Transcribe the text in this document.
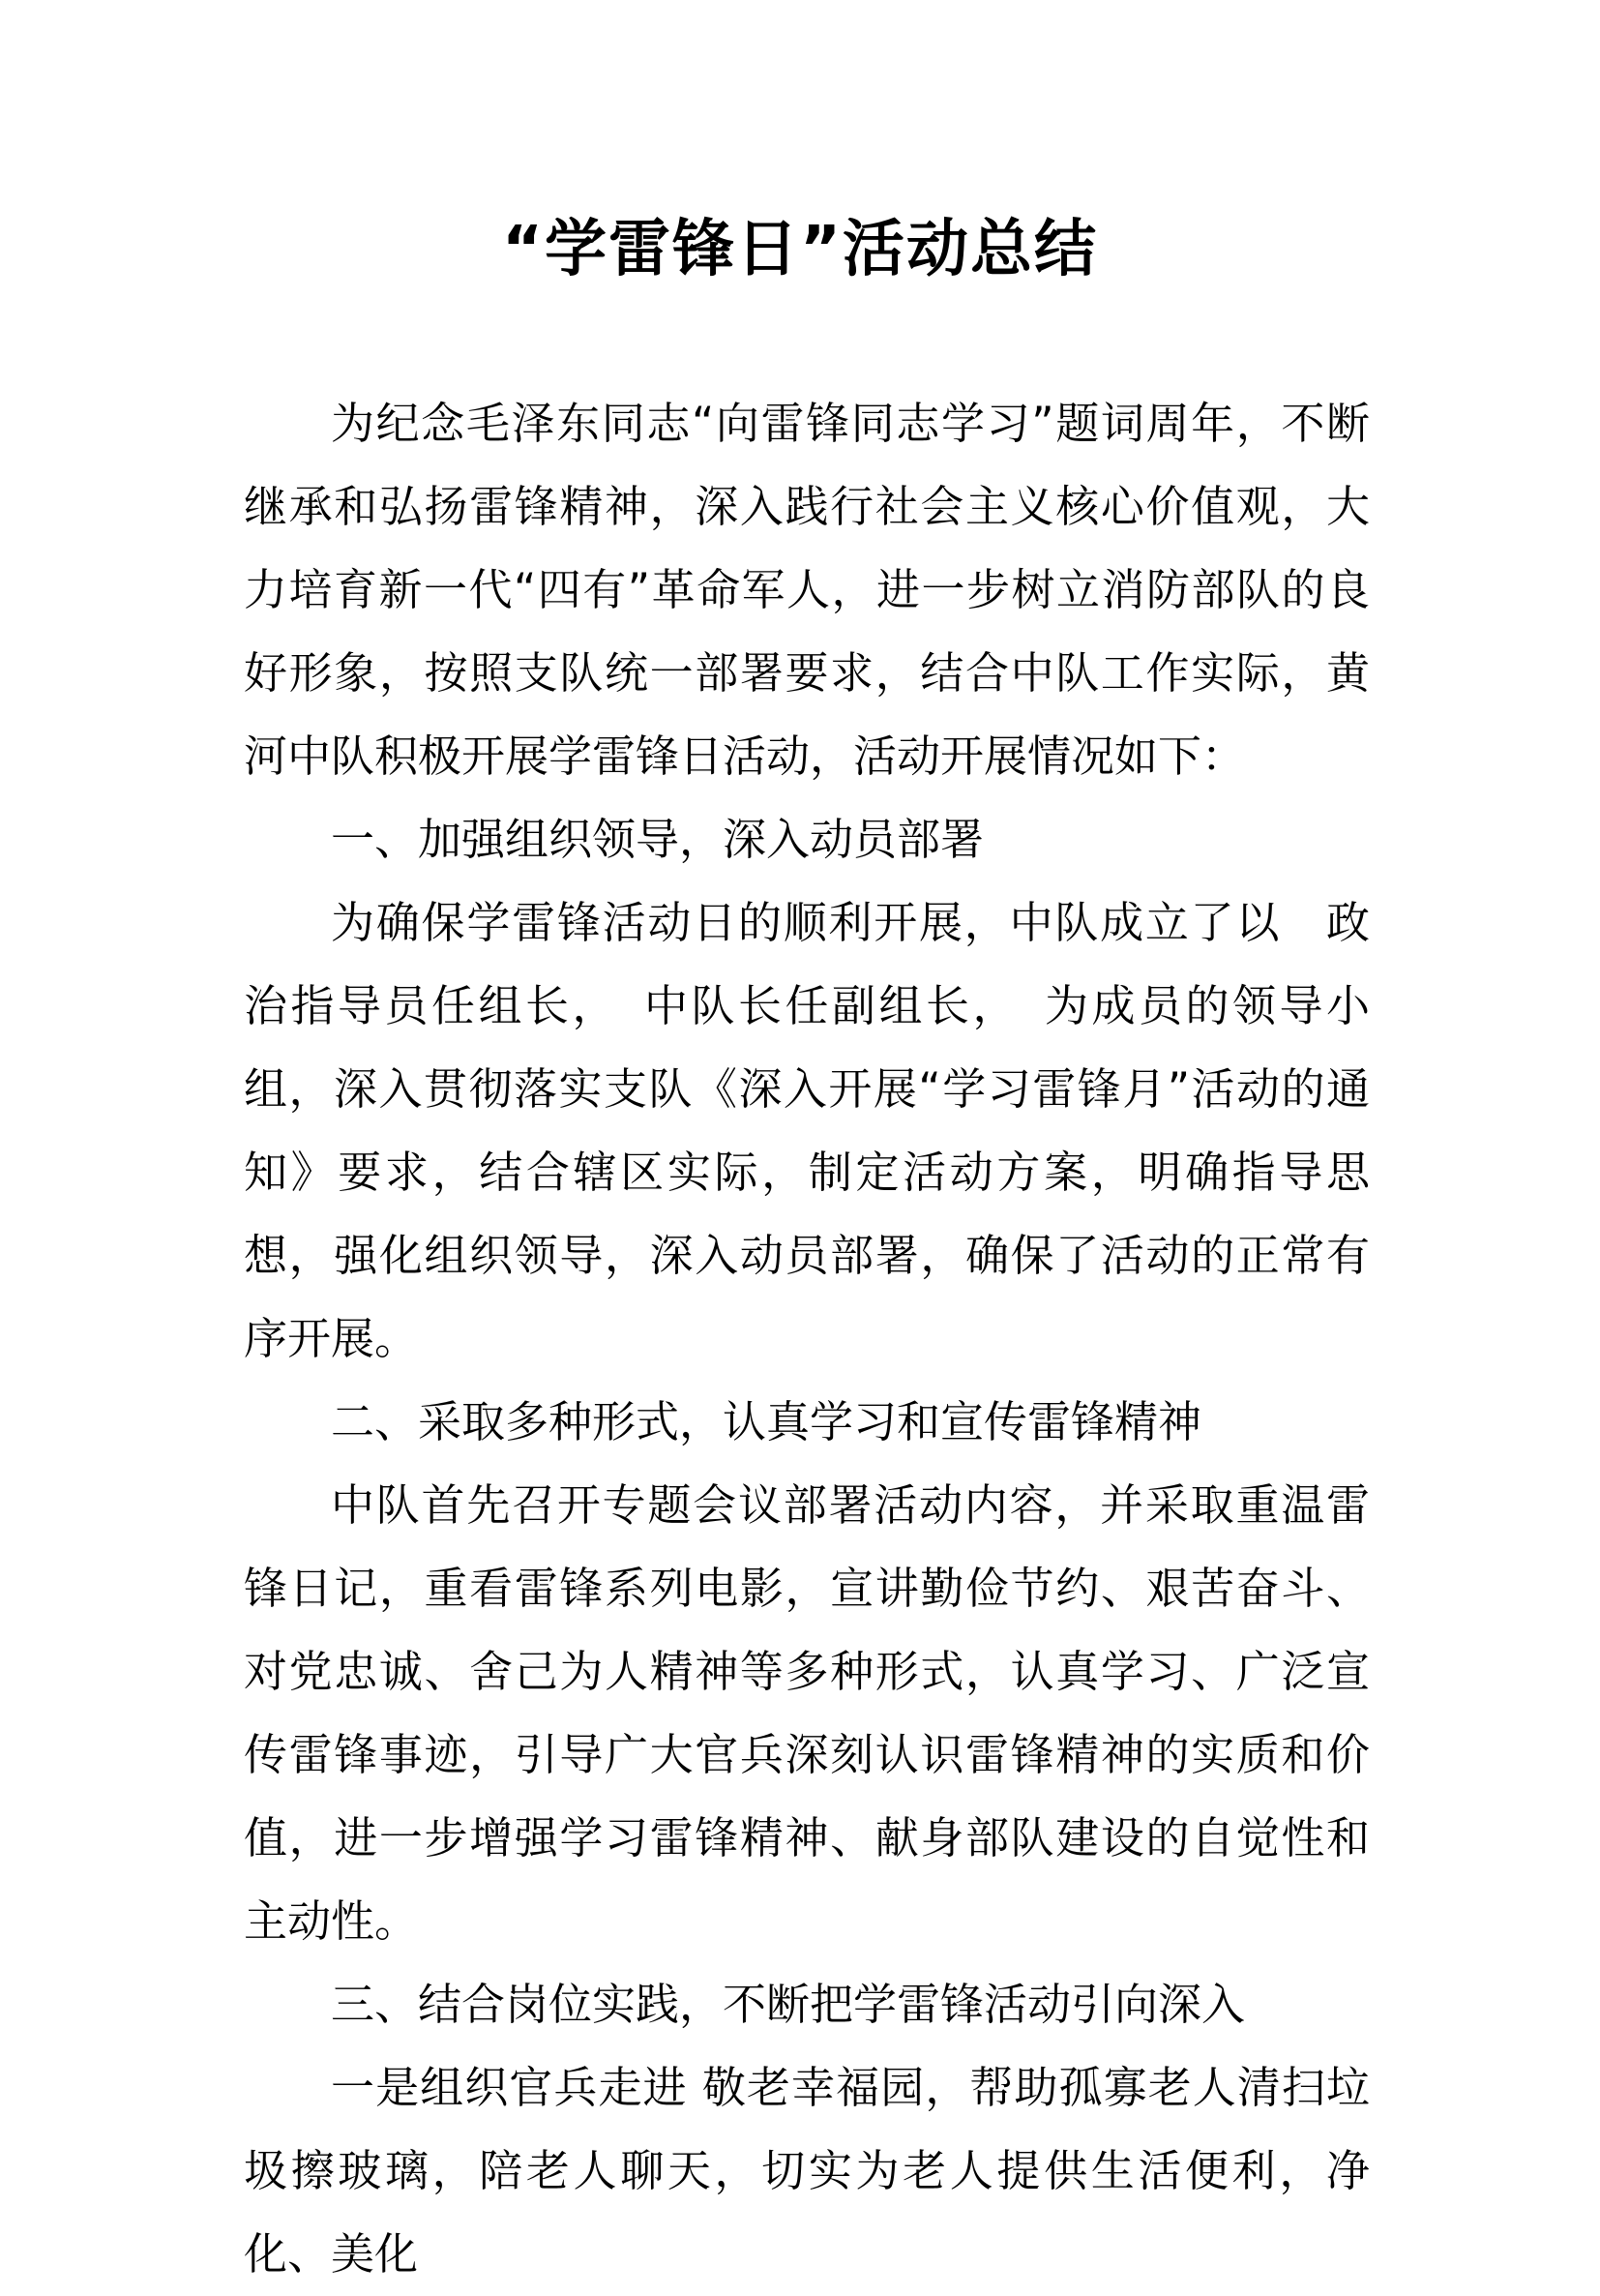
“学雷锋日”活动总结

为纪念毛泽东同志“向雷锋同志学习”题词周年，不断继承和弘扬雷锋精神，深入践行社会主义核心价值观，大力培育新一代“四有”革命军人，进一步树立消防部队的良好形象，按照支队统一部署要求，结合中队工作实际，黄河中队积极开展学雷锋日活动，活动开展情况如下：

一、加强组织领导，深入动员部署

为确保学雷锋活动日的顺利开展，中队成立了以　政治指导员任组长，　中队长任副组长，　为成员的领导小组，深入贯彻落实支队《深入开展“学习雷锋月”活动的通知》要求，结合辖区实际，制定活动方案，明确指导思想，强化组织领导，深入动员部署，确保了活动的正常有序开展。

二、采取多种形式，认真学习和宣传雷锋精神

中队首先召开专题会议部署活动内容，并采取重温雷锋日记，重看雷锋系列电影，宣讲勤俭节约、艰苦奋斗、对党忠诚、舍己为人精神等多种形式，认真学习、广泛宣传雷锋事迹，引导广大官兵深刻认识雷锋精神的实质和价值，进一步增强学习雷锋精神、献身部队建设的自觉性和主动性。

三、结合岗位实践，不断把学雷锋活动引向深入

一是组织官兵走进 敬老幸福园，帮助孤寡老人清扫垃圾擦玻璃，陪老人聊天，切实为老人提供生活便利，净化、美化
